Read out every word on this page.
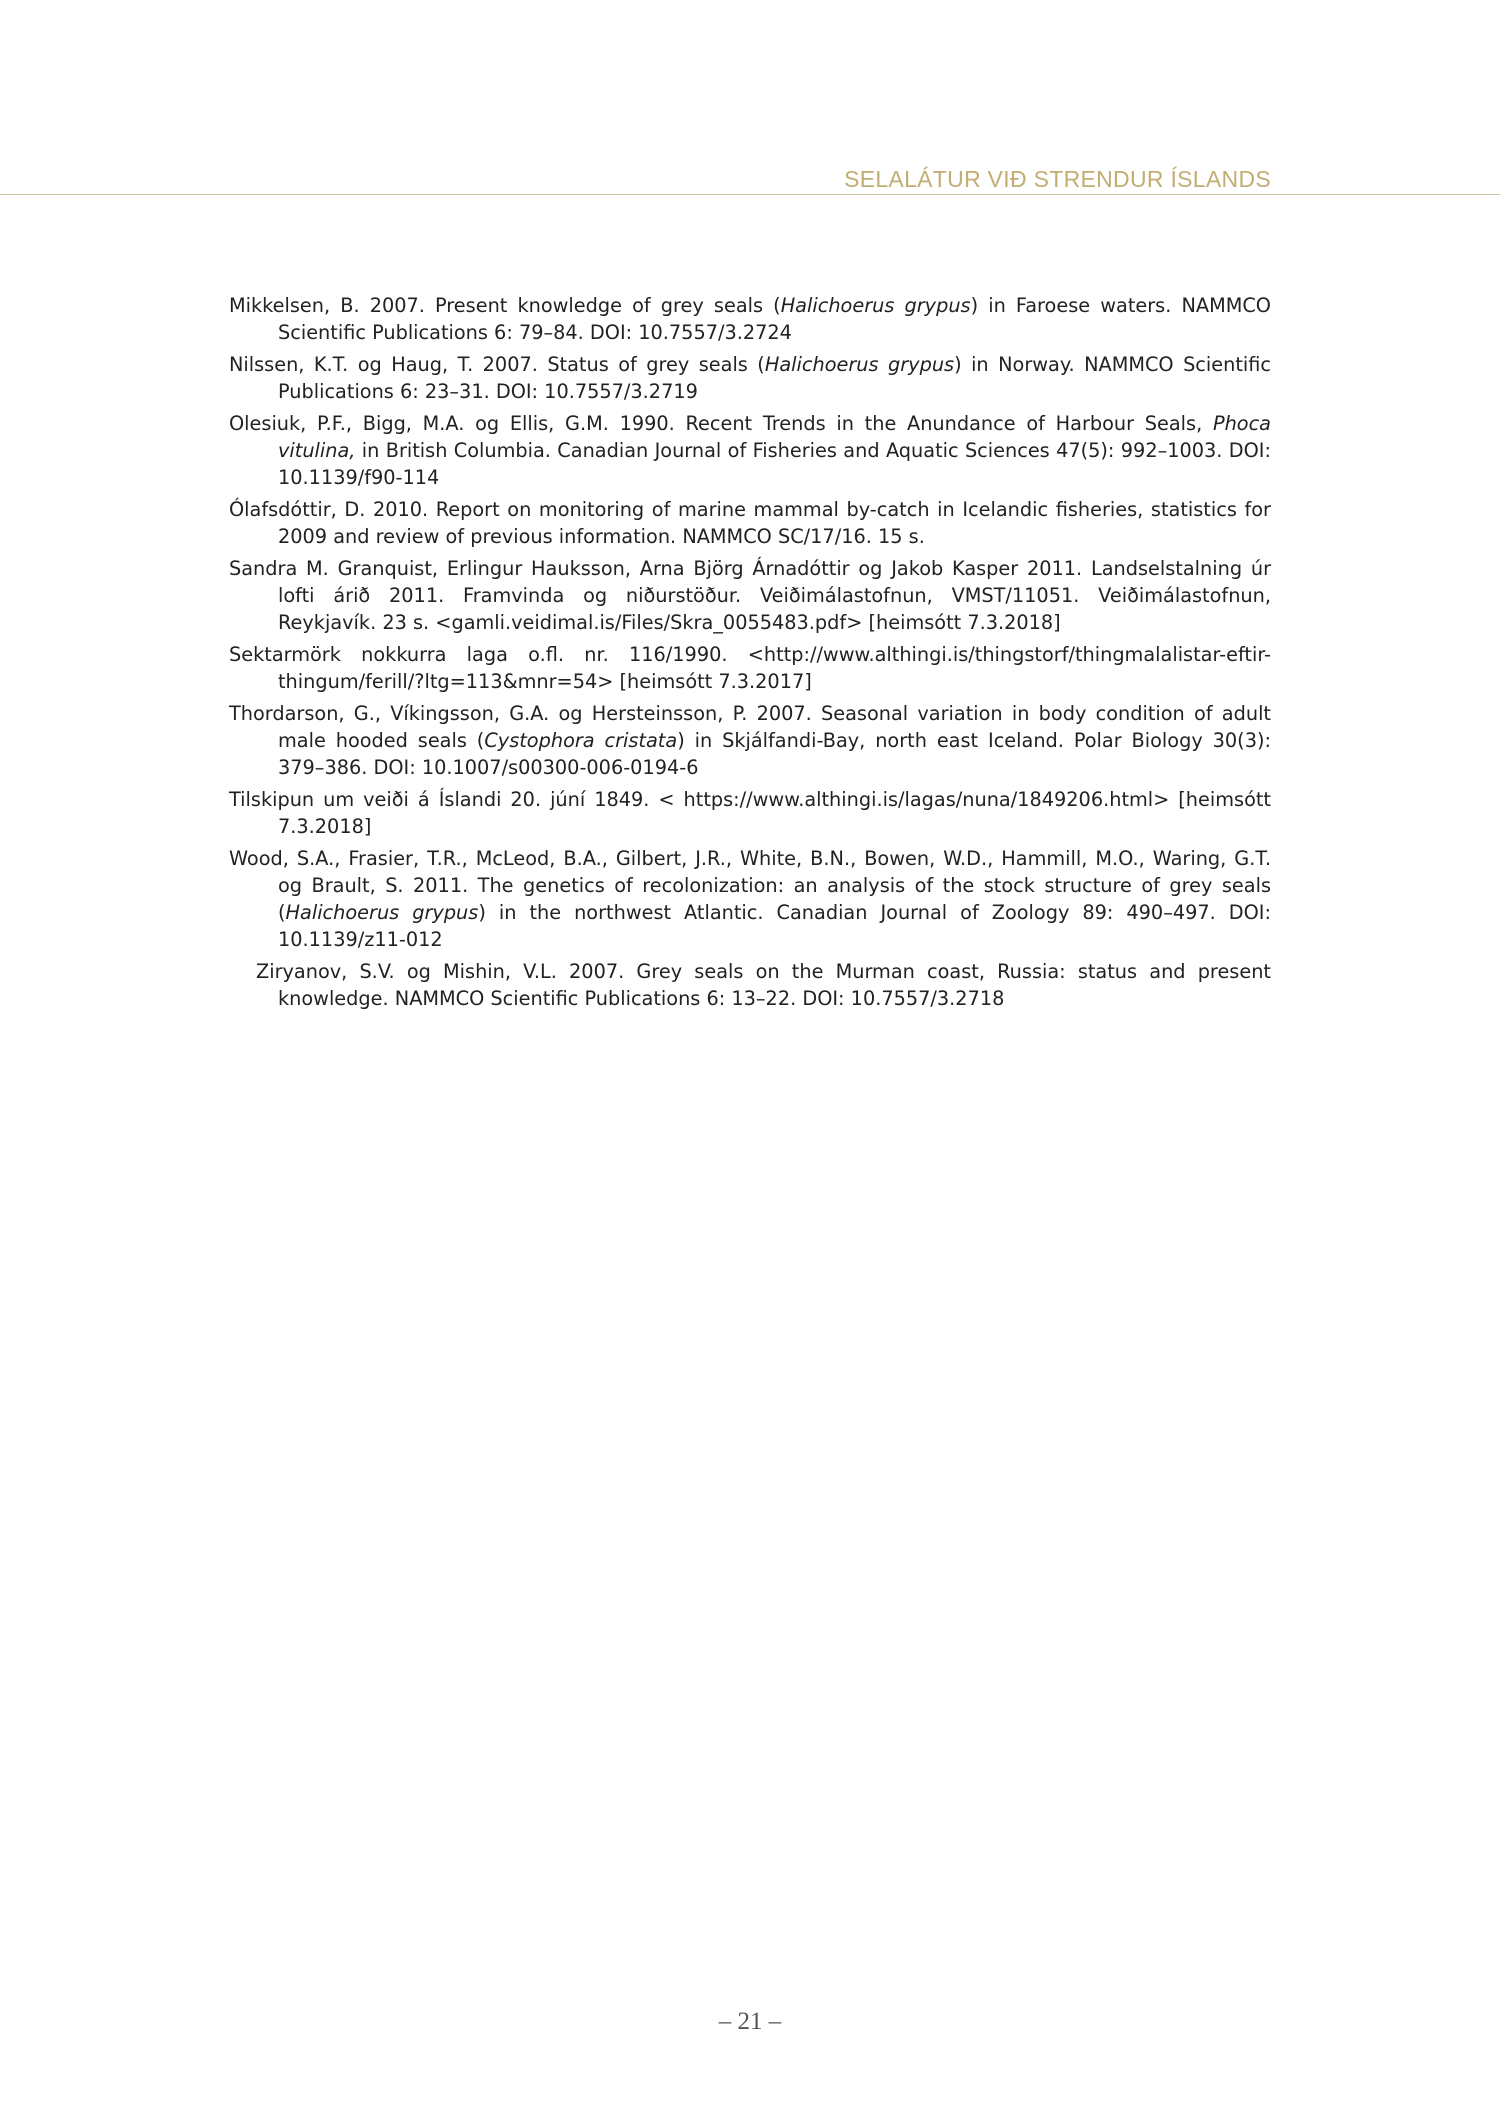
SELALÁTUR VIÐ STRENDUR ÍSLANDS

Mikkelsen, B. 2007. Present knowledge of grey seals (Halichoerus grypus) in Faroese waters. NAMMCO Scientific Publications 6: 79–84. DOI: 10.7557/3.2724

Nilssen, K.T. og Haug, T. 2007. Status of grey seals (Halichoerus grypus) in Norway. NAMMCO Scientific Publications 6: 23–31. DOI: 10.7557/3.2719

Olesiuk, P.F., Bigg, M.A. og Ellis, G.M. 1990. Recent Trends in the Anundance of Harbour Seals, Phoca vitulina, in British Columbia. Canadian Journal of Fisheries and Aquatic Sciences 47(5): 992–1003. DOI: 10.1139/f90-114

Ólafsdóttir, D. 2010. Report on monitoring of marine mammal by-catch in Icelandic fisheries, statistics for 2009 and review of previous information. NAMMCO SC/17/16. 15 s.

Sandra M. Granquist, Erlingur Hauksson, Arna Björg Árnadóttir og Jakob Kasper 2011. Landselstalning úr lofti árið 2011. Framvinda og niðurstöður. Veiðimálastofnun, VMST/11051. Veiðimálastofnun, Reykjavík. 23 s. <gamli.veidimal.is/Files/Skra_0055483.pdf> [heimsótt 7.3.2018]

Sektarmörk nokkurra laga o.fl. nr. 116/1990. <http://www.althingi.is/thingstorf/thingmalalistar-eftir-thingum/ferill/?ltg=113&mnr=54> [heimsótt 7.3.2017]

Thordarson, G., Víkingsson, G.A. og Hersteinsson, P. 2007. Seasonal variation in body condition of adult male hooded seals (Cystophora cristata) in Skjálfandi-Bay, north east Iceland. Polar Biology 30(3): 379–386. DOI: 10.1007/s00300-006-0194-6

Tilskipun um veiði á Íslandi 20. júní 1849. < https://www.althingi.is/lagas/nuna/1849206.html> [heimsótt 7.3.2018]

Wood, S.A., Frasier, T.R., McLeod, B.A., Gilbert, J.R., White, B.N., Bowen, W.D., Hammill, M.O., Waring, G.T. og Brault, S. 2011. The genetics of recolonization: an analysis of the stock structure of grey seals (Halichoerus grypus) in the northwest Atlantic. Canadian Journal of Zoology 89: 490–497. DOI: 10.1139/z11-012

Ziryanov, S.V. og Mishin, V.L. 2007. Grey seals on the Murman coast, Russia: status and present knowledge. NAMMCO Scientific Publications 6: 13–22. DOI: 10.7557/3.2718

– 21 –
